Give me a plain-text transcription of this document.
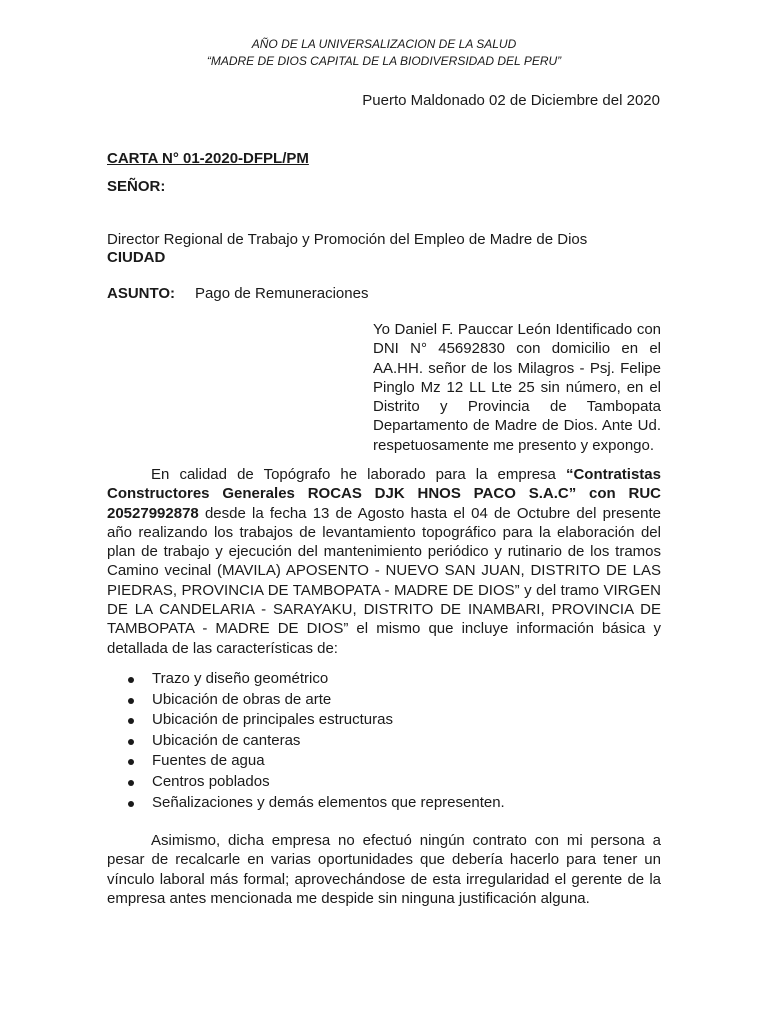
AÑO DE LA UNIVERSALIZACION DE LA SALUD
“MADRE DE DIOS CAPITAL DE LA BIODIVERSIDAD DEL PERU”
Puerto Maldonado 02 de Diciembre del 2020
CARTA N° 01-2020-DFPL/PM
SEÑOR:
Director Regional de Trabajo y Promoción del Empleo de Madre de Dios
CIUDAD
ASUNTO: Pago de Remuneraciones
Yo Daniel F. Pauccar León Identificado con DNI N° 45692830 con domicilio en el AA.HH. señor de los Milagros - Psj. Felipe Pinglo Mz 12 LL Lte 25 sin número, en el Distrito y Provincia de Tambopata Departamento de Madre de Dios. Ante Ud. respetuosamente me presento y expongo.
En calidad de Topógrafo he laborado para la empresa “Contratistas Constructores Generales ROCAS DJK HNOS PACO S.A.C” con RUC 20527992878 desde la fecha 13 de Agosto hasta el 04 de Octubre del presente año realizando los trabajos de levantamiento topográfico para la elaboración del plan de trabajo y ejecución del mantenimiento periódico y rutinario de los tramos Camino vecinal (MAVILA) APOSENTO - NUEVO SAN JUAN, DISTRITO DE LAS PIEDRAS, PROVINCIA DE TAMBOPATA - MADRE DE DIOS” y del tramo VIRGEN DE LA CANDELARIA - SARAYAKU, DISTRITO DE INAMBARI, PROVINCIA DE TAMBOPATA - MADRE DE DIOS” el mismo que incluye información básica y detallada de las características de:
Trazo y diseño geométrico
Ubicación de obras de arte
Ubicación de principales estructuras
Ubicación de canteras
Fuentes de agua
Centros poblados
Señalizaciones y demás elementos que representen.
Asimismo, dicha empresa no efectuó ningún contrato con mi persona a pesar de recalcarle en varias oportunidades que debería hacerlo para tener un vínculo laboral más formal; aprovechándose de esta irregularidad el gerente de la empresa antes mencionada me despide sin ninguna justificación alguna.
